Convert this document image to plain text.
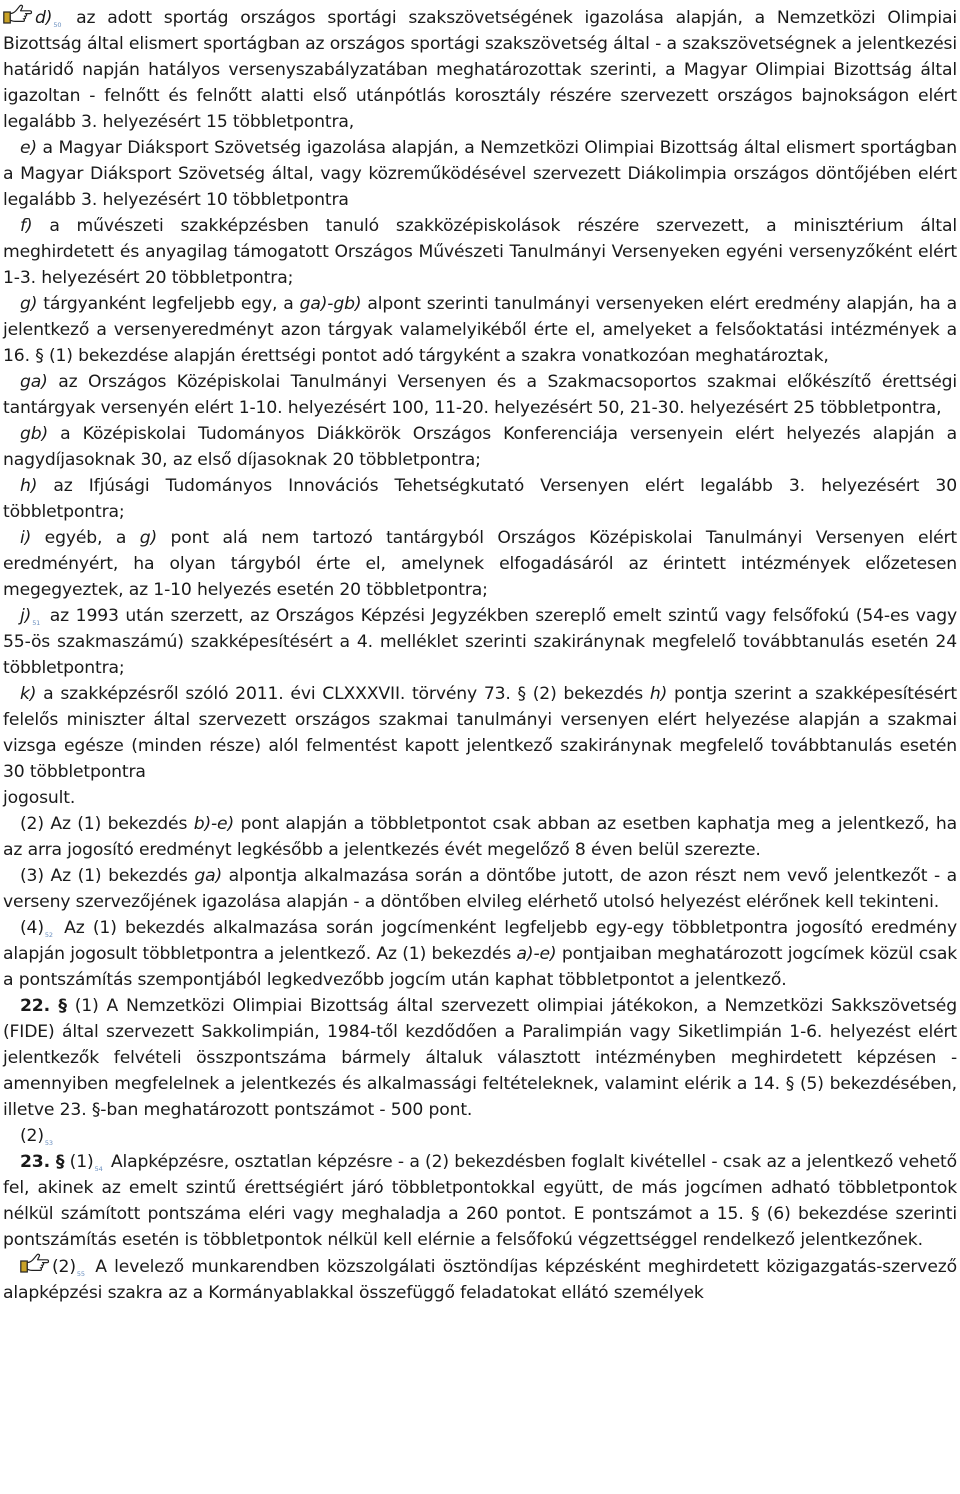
d)50 az adott sportág országos sportági szakszövetségének igazolása alapján, a Nemzetközi Olimpiai Bizottság által elismert sportágban az országos sportági szakszövetség által - a szakszövetségnek a jelentkezési határidő napján hatályos versenyszabályzatában meghatározottak szerinti, a Magyar Olimpiai Bizottság által igazoltan - felnőtt és felnőtt alatti első utánpótlás korosztály részére szervezett országos bajnokságon elért legalább 3. helyezésért 15 többletpontra,

e) a Magyar Diáksport Szövetség igazolása alapján, a Nemzetközi Olimpiai Bizottság által elismert sportágban a Magyar Diáksport Szövetség által, vagy közreműködésével szervezett Diákolimpia országos döntőjében elért legalább 3. helyezésért 10 többletpontra

f) a művészeti szakképzésben tanuló szakközépiskolások részére szervezett, a minisztérium által meghirdetett és anyagilag támogatott Országos Művészeti Tanulmányi Versenyeken egyéni versenyzőként elért 1-3. helyezésért 20 többletpontra;

g) tárgyanként legfeljebb egy, a ga)-gb) alpont szerinti tanulmányi versenyeken elért eredmény alapján, ha a jelentkező a versenyeredményt azon tárgyak valamelyikéből érte el, amelyeket a felsőoktatási intézmények a 16. § (1) bekezdése alapján érettségi pontot adó tárgyként a szakra vonatkozóan meghatároztak,

ga) az Országos Középiskolai Tanulmányi Versenyen és a Szakmacsoportos szakmai előkészítő érettségi tantárgyak versenyén elért 1-10. helyezésért 100, 11-20. helyezésért 50, 21-30. helyezésért 25 többletpontra,

gb) a Középiskolai Tudományos Diákkörök Országos Konferenciája versenyein elért helyezés alapján a nagydíjasoknak 30, az első díjasoknak 20 többletpontra;

h) az Ifjúsági Tudományos Innovációs Tehetségkutató Versenyen elért legalább 3. helyezésért 30 többletpontra;

i) egyéb, a g) pont alá nem tartozó tantárgyból Országos Középiskolai Tanulmányi Versenyen elért eredményért, ha olyan tárgyból érte el, amelynek elfogadásáról az érintett intézmények előzetesen megegyeztek, az 1-10 helyezés esetén 20 többletpontra;

j)51 az 1993 után szerzett, az Országos Képzési Jegyzékben szereplő emelt szintű vagy felsőfokú (54-es vagy 55-ös szakmaszámú) szakképesítésért a 4. melléklet szerinti szakiránynak megfelelő továbbtanulás esetén 24 többletpontra;

k) a szakképzésről szóló 2011. évi CLXXXVII. törvény 73. § (2) bekezdés h) pontja szerint a szakképesítésért felelős miniszter által szervezett országos szakmai tanulmányi versenyen elért helyezése alapján a szakmai vizsga egésze (minden része) alól felmentést kapott jelentkező szakiránynak megfelelő továbbtanulás esetén 30 többletpontra

jogosult.

(2) Az (1) bekezdés b)-e) pont alapján a többletpontot csak abban az esetben kaphatja meg a jelentkező, ha az arra jogosító eredményt legkésőbb a jelentkezés évét megelőző 8 éven belül szerezte.

(3) Az (1) bekezdés ga) alpontja alkalmazása során a döntőbe jutott, de azon részt nem vevő jelentkezőt - a verseny szervezőjének igazolása alapján - a döntőben elvileg elérhető utolsó helyezést elérőnek kell tekinteni.

(4)52 Az (1) bekezdés alkalmazása során jogcímenként legfeljebb egy-egy többletpontra jogosító eredmény alapján jogosult többletpontra a jelentkező. Az (1) bekezdés a)-e) pontjaiban meghatározott jogcímek közül csak a pontszámítás szempontjából legkedvezőbb jogcím után kaphat többletpontot a jelentkező.

22. § (1) A Nemzetközi Olimpiai Bizottság által szervezett olimpiai játékokon, a Nemzetközi Sakkszövetség (FIDE) által szervezett Sakkolimpián, 1984-től kezdődően a Paralimpián vagy Siketlimpián 1-6. helyezést elért jelentkezők felvételi összpontszáma bármely általuk választott intézményben meghirdetett képzésen - amennyiben megfelelnek a jelentkezés és alkalmassági feltételeknek, valamint elérik a 14. § (5) bekezdésében, illetve 23. §-ban meghatározott pontszámot - 500 pont.

(2)53

23. § (1)54 Alapképzésre, osztatlan képzésre - a (2) bekezdésben foglalt kivétellel - csak az a jelentkező vehető fel, akinek az emelt szintű érettségiért járó többletpontokkal együtt, de más jogcímen adható többletpontok nélkül számított pontszáma eléri vagy meghaladja a 260 pontot. E pontszámot a 15. § (6) bekezdése szerinti pontszámítás esetén is többletpontok nélkül kell elérnie a felsőfokú végzettséggel rendelkező jelentkezőnek.

(2)55 A levelező munkarendben közszolgálati ösztöndíjas képzésként meghirdetett közigazgatás-szervező alapképzési szakra az a Kormányablakkal összefüggő feladatokat ellátó személyek
